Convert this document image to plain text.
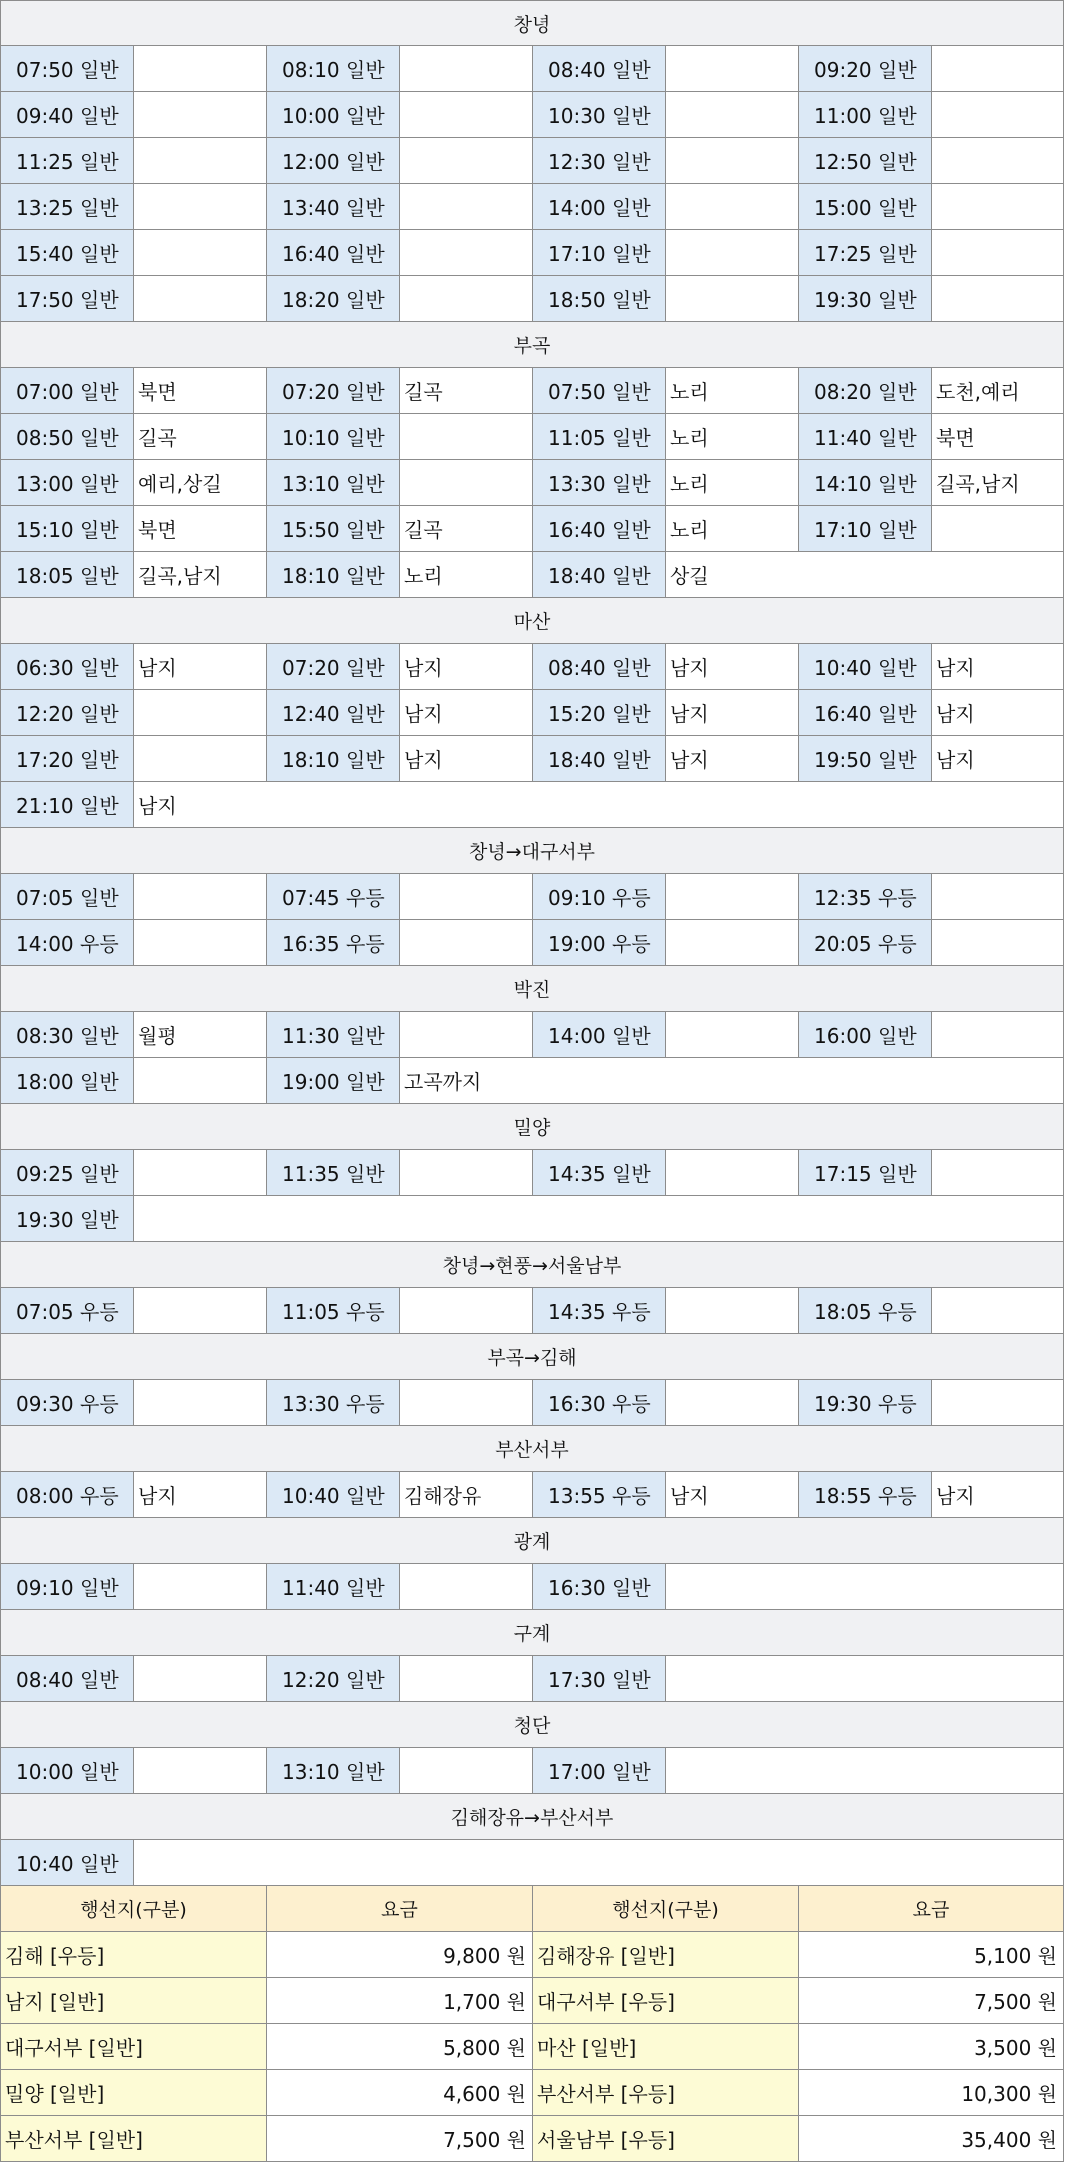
창녕
07:50 일반	08:10 일반	08:40 일반	09:20 일반
09:40 일반	10:00 일반	10:30 일반	11:00 일반
11:25 일반	12:00 일반	12:30 일반	12:50 일반
13:25 일반	13:40 일반	14:00 일반	15:00 일반
15:40 일반	16:40 일반	17:10 일반	17:25 일반
17:50 일반	18:20 일반	18:50 일반	19:30 일반
부곡
07:00 일반 북면	07:20 일반 길곡	07:50 일반 노리	08:20 일반 도천,예리
08:50 일반 길곡	10:10 일반	11:05 일반 노리	11:40 일반 북면
13:00 일반 예리,상길	13:10 일반	13:30 일반 노리	14:10 일반 길곡,남지
15:10 일반 북면	15:50 일반 길곡	16:40 일반 노리	17:10 일반
18:05 일반 길곡,남지	18:10 일반 노리	18:40 일반 상길
마산
06:30 일반 남지	07:20 일반 남지	08:40 일반 남지	10:40 일반 남지
12:20 일반	12:40 일반 남지	15:20 일반 남지	16:40 일반 남지
17:20 일반	18:10 일반 남지	18:40 일반 남지	19:50 일반 남지
21:10 일반 남지
창녕→대구서부
07:05 일반	07:45 우등	09:10 우등	12:35 우등
14:00 우등	16:35 우등	19:00 우등	20:05 우등
박진
08:30 일반 월평	11:30 일반	14:00 일반	16:00 일반
18:00 일반	19:00 일반 고곡까지
밀양
09:25 일반	11:35 일반	14:35 일반	17:15 일반
19:30 일반
창녕→현풍→서울남부
07:05 우등	11:05 우등	14:35 우등	18:05 우등
부곡→김해
09:30 우등	13:30 우등	16:30 우등	19:30 우등
부산서부
08:00 우등 남지	10:40 일반 김해장유	13:55 우등 남지	18:55 우등 남지
광계
09:10 일반	11:40 일반	16:30 일반
구계
08:40 일반	12:20 일반	17:30 일반
청단
10:00 일반	13:10 일반	17:00 일반
김해장유→부산서부
10:40 일반
행선지(구분)	요금	행선지(구분)	요금
김해 [우등]	9,800 원 김해장유 [일반]	5,100 원
남지 [일반]	1,700 원 대구서부 [우등]	7,500 원
대구서부 [일반]	5,800 원 마산 [일반]	3,500 원
밀양 [일반]	4,600 원 부산서부 [우등]	10,300 원
부산서부 [일반]	7,500 원 서울남부 [우등]	35,400 원
